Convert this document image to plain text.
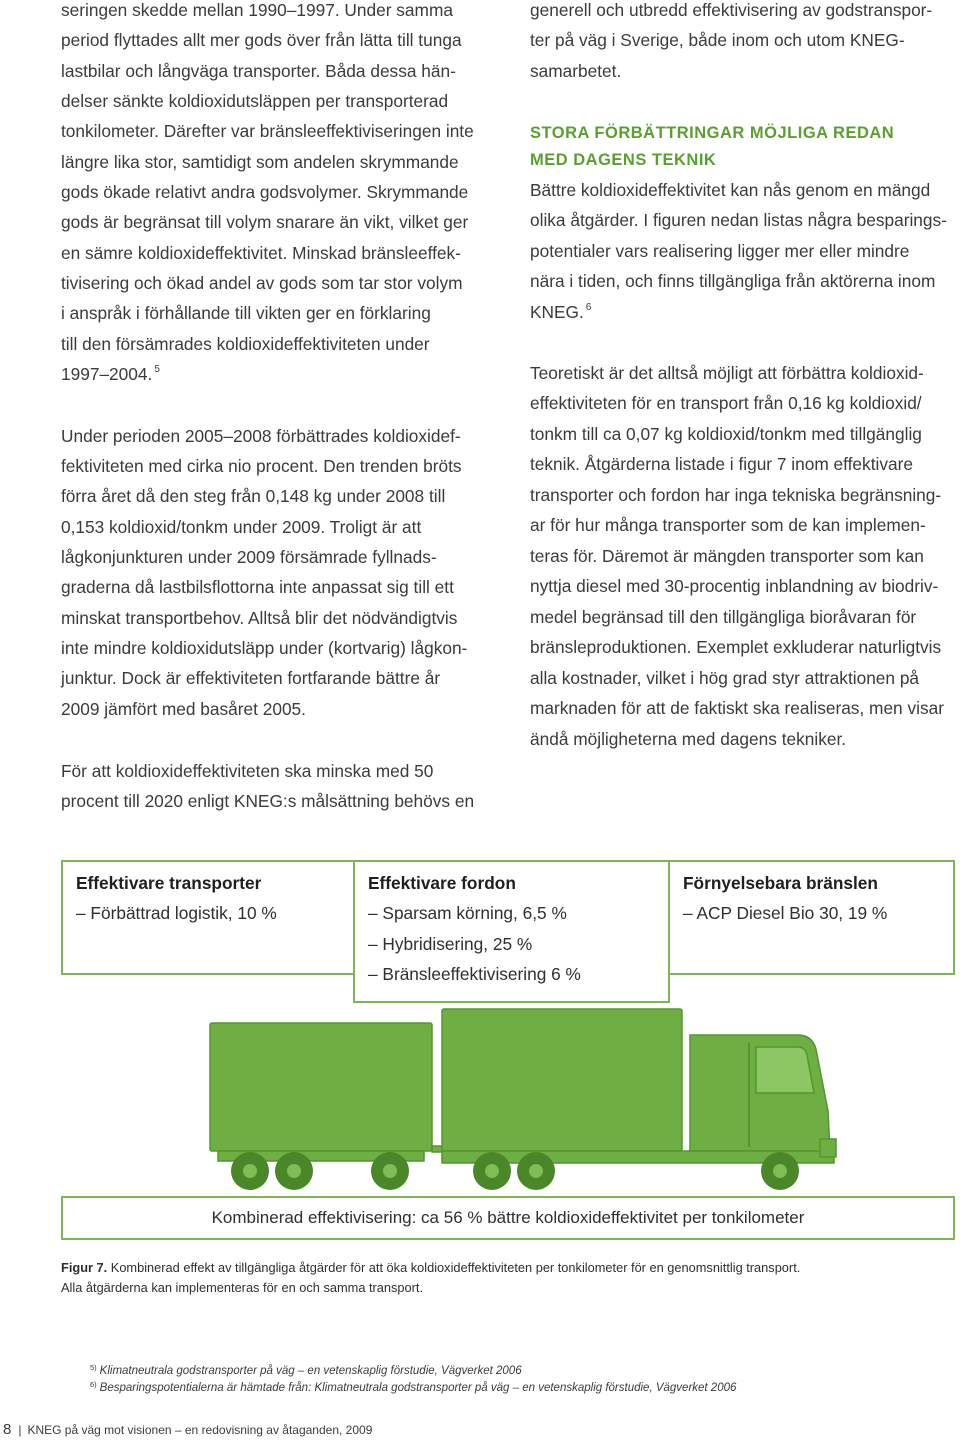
seringen skedde mellan 1990–1997. Under samma
period flyttades allt mer gods över från lätta till tunga
lastbilar och långväga transporter. Båda dessa hän-
delser sänkte koldioxidutsläppen per transporterad
tonkilometer. Därefter var bränsleeffektiviseringen inte
längre lika stor, samtidigt som andelen skrymmande
gods ökade relativt andra godsvolymer. Skrymmande
gods är begränsat till volym snarare än vikt, vilket ger
en sämre koldioxideffektivitet. Minskad bränsleeffek-
tivisering och ökad andel av gods som tar stor volym
i anspråk i förhållande till vikten ger en förklaring
till den försämrades koldioxideffektiviteten under
1997–2004. $^5$
Under perioden 2005–2008 förbättrades koldioxidef-
fektiviteten med cirka nio procent. Den trenden bröts
förra året då den steg från 0,148 kg under 2008 till
0,153 koldioxid/tonkm under 2009. Troligt är att
lågkonjunkturen under 2009 försämrade fyllnads-
graderna då lastbilsflottorna inte anpassat sig till ett
minskat transportbehov. Alltså blir det nödvändigtvis
inte mindre koldioxidutsläpp under (kortvarig) lågkon-
junktur. Dock är effektiviteten fortfarande bättre år
2009 jämfört med basåret 2005.
För att koldioxideffektiviteten ska minska med 50
procent till 2020 enligt KNEG:s målsättning behövs en
generell och utbredd effektivisering av godstranspor-
ter på väg i Sverige, både inom och utom KNEG-
samarbetet.
STORA FÖRBÄTTRINGAR MÖJLIGA REDAN
MED DAGENS TEKNIK
Bättre koldioxideffektivitet kan nås genom en mängd
olika åtgärder. I figuren nedan listas några besparings-
potentialer vars realisering ligger mer eller mindre
nära i tiden, och finns tillgängliga från aktörerna inom
KNEG. $^6$
Teoretiskt är det alltså möjligt att förbättra koldioxid-
effektiviteten för en transport från 0,16 kg koldioxid/
tonkm till ca 0,07 kg koldioxid/tonkm med tillgänglig
teknik. Åtgärderna listade i figur 7 inom effektivare
transporter och fordon har inga tekniska begränsning-
ar för hur många transporter som de kan implemen-
teras för. Däremot är mängden transporter som kan
nyttja diesel med 30-procentig inblandning av biodriv-
medel begränsad till den tillgängliga bioråvaran för
bränsleproduktionen. Exemplet exkluderar naturligtvis
alla kostnader, vilket i hög grad styr attraktionen på
marknaden för att de faktiskt ska realiseras, men visar
ändå möjligheterna med dagens tekniker.
Effektivare transporter
– Förbättrad logistik, 10 %
Effektivare fordon
– Sparsam körning, 6,5 %
– Hybridisering, 25 %
– Bränsleeffektivisering 6 %
Förnyelsebara bränslen
– ACP Diesel Bio 30, 19 %
Kombinerad effektivisering: ca 56 % bättre koldioxideffektivitet per tonkilometer
Figur 7. Kombinerad effekt av tillgängliga åtgärder för att öka koldioxideffektiviteten per tonkilometer för en genomsnittlig transport.
Alla åtgärderna kan implementeras för en och samma transport.
$^{5)}$ Klimatneutrala godstransporter på väg – en vetenskaplig förstudie, Vägverket 2006
$^{6)}$ Besparingspotentialerna är hämtade från: Klimatneutrala godstransporter på väg – en vetenskaplig förstudie, Vägverket 2006
8 | KNEG på väg mot visionen – en redovisning av åtaganden, 2009
